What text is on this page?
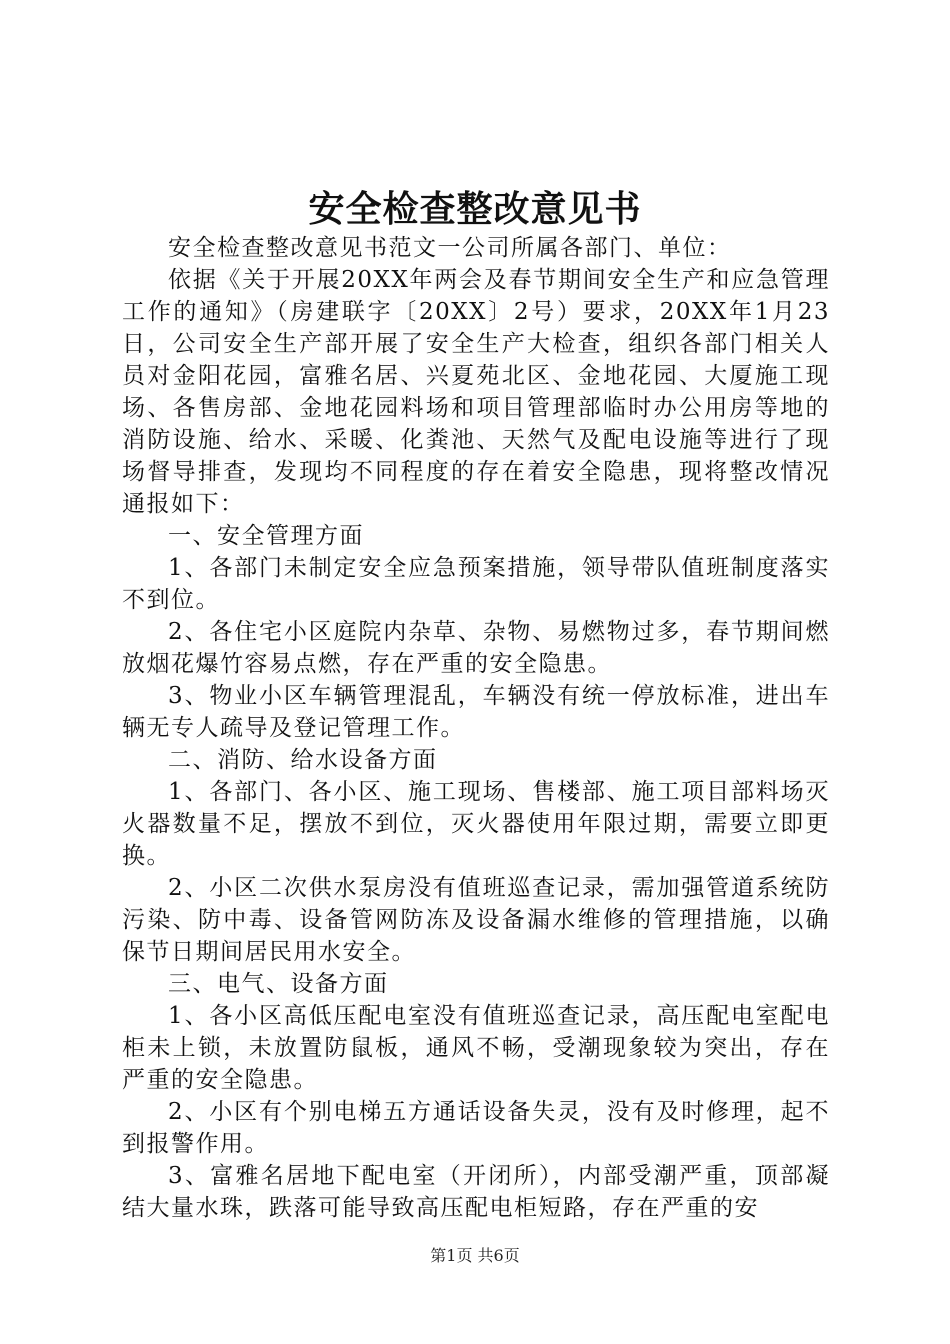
安全检查整改意见书

安全检查整改意见书范文一公司所属各部门、单位：

依据《关于开展20XX年两会及春节期间安全生产和应急管理工作的通知》（房建联字〔20XX〕2号）要求，20XX年1月23日，公司安全生产部开展了安全生产大检查，组织各部门相关人员对金阳花园，富雅名居、兴夏苑北区、金地花园、大厦施工现场、各售房部、金地花园料场和项目管理部临时办公用房等地的消防设施、给水、采暖、化粪池、天然气及配电设施等进行了现场督导排查，发现均不同程度的存在着安全隐患，现将整改情况通报如下：

一、安全管理方面

1、各部门未制定安全应急预案措施，领导带队值班制度落实不到位。

2、各住宅小区庭院内杂草、杂物、易燃物过多，春节期间燃放烟花爆竹容易点燃，存在严重的安全隐患。

3、物业小区车辆管理混乱，车辆没有统一停放标准，进出车辆无专人疏导及登记管理工作。

二、消防、给水设备方面

1、各部门、各小区、施工现场、售楼部、施工项目部料场灭火器数量不足，摆放不到位，灭火器使用年限过期，需要立即更换。

2、小区二次供水泵房没有值班巡查记录，需加强管道系统防污染、防中毒、设备管网防冻及设备漏水维修的管理措施，以确保节日期间居民用水安全。

三、电气、设备方面

1、各小区高低压配电室没有值班巡查记录，高压配电室配电柜未上锁，未放置防鼠板，通风不畅，受潮现象较为突出，存在严重的安全隐患。

2、小区有个别电梯五方通话设备失灵，没有及时修理，起不到报警作用。

3、富雅名居地下配电室（开闭所），内部受潮严重，顶部凝结大量水珠，跌落可能导致高压配电柜短路，存在严重的安

第1页 共6页
